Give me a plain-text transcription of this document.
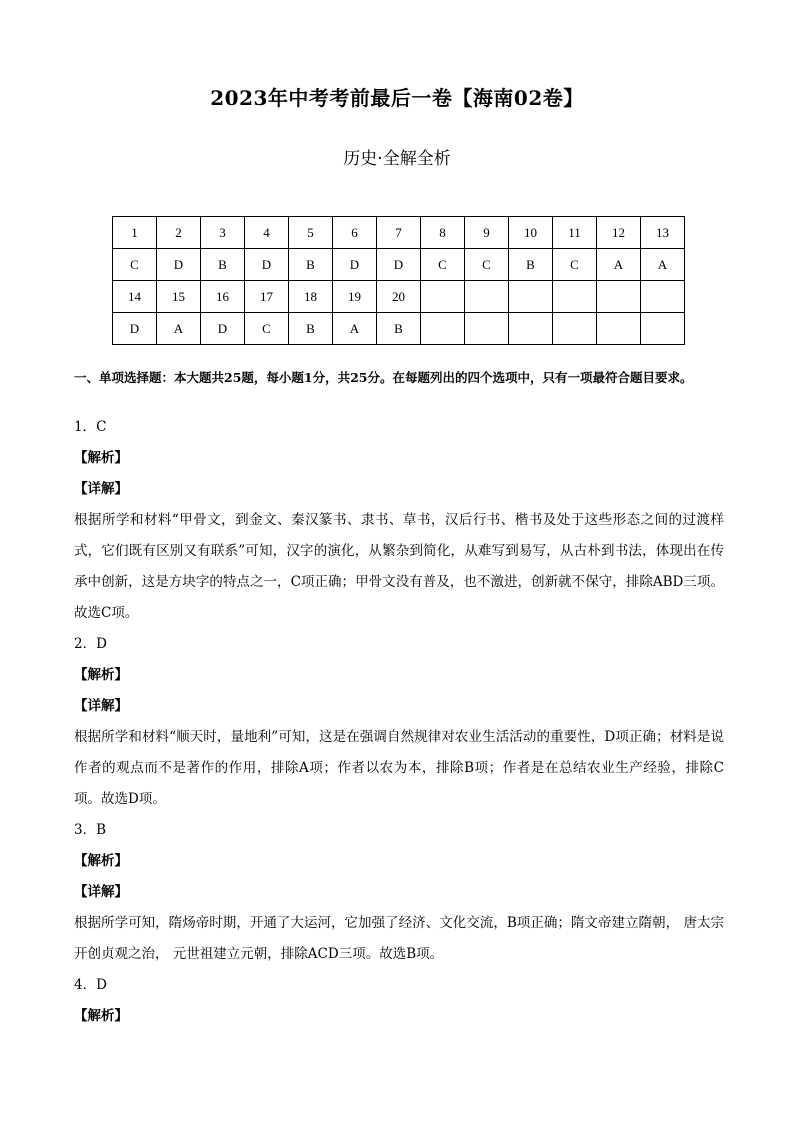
2023年中考考前最后一卷【海南02卷】
历史·全解全析
1	2	3	4	5	6	7	8	9	10	11	12	13
C	D	B	D	B	D	D	C	C	B	C	A	A
14	15	16	17	18	19	20						
D	A	D	C	B	A	B						
一、单项选择题：本大题共25题，每小题1分，共25分。在每题列出的四个选项中，只有一项最符合题目要求。
1．C
【解析】
【详解】
根据所学和材料“甲骨文，到金文、秦汉篆书、隶书、草书，汉后行书、楷书及处于这些形态之间的过渡样式，它们既有区别又有联系”可知，汉字的演化，从繁杂到简化，从难写到易写，从古朴到书法，体现出在传承中创新，这是方块字的特点之一，C项正确；甲骨文没有普及，也不激进，创新就不保守，排除ABD三项。故选C项。
2．D
【解析】
【详解】
根据所学和材料“顺天时，量地利”可知，这是在强调自然规律对农业生活活动的重要性，D项正确；材料是说作者的观点而不是著作的作用，排除A项；作者以农为本，排除B项；作者是在总结农业生产经验，排除C项。故选D项。
3．B
【解析】
【详解】
根据所学可知，隋炀帝时期，开通了大运河，它加强了经济、文化交流，B项正确；隋文帝建立隋朝， 唐太宗开创贞观之治， 元世祖建立元朝，排除ACD三项。故选B项。
4．D
【解析】
